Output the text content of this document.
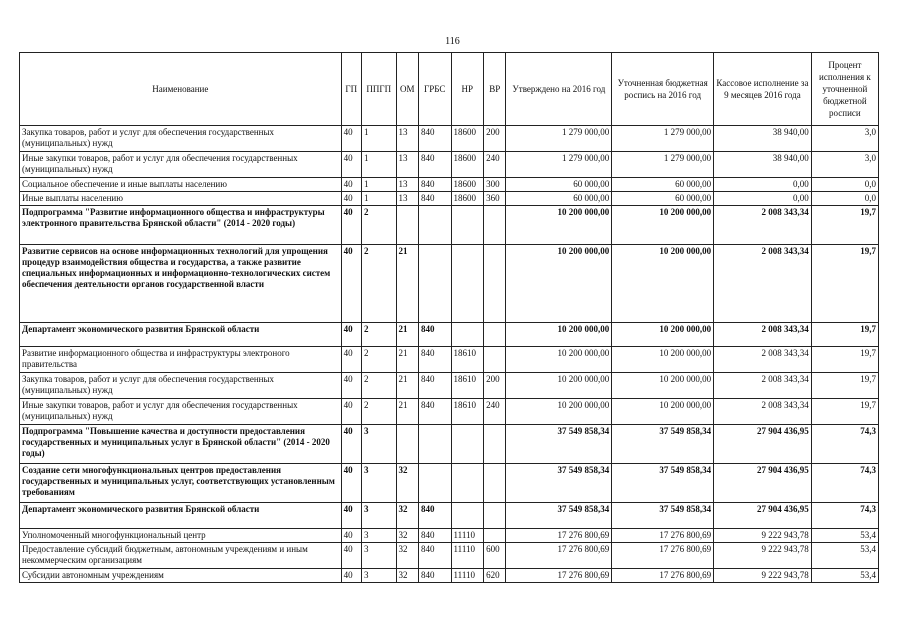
116
Наименование	ГП	ППГП	ОМ	ГРБС	НР	ВР	Утверждено на 2016 год	Уточненная бюджетная роспись на 2016 год	Кассовое исполнение за 9 месяцев 2016 года	Процент исполнения к уточненной бюджетной росписи
Закупка товаров, работ и услуг для обеспечения государственных (муниципальных) нужд	40	1	13	840	18600	200	1 279 000,00	1 279 000,00	38 940,00	3,0
Иные закупки товаров, работ и услуг для обеспечения государственных (муниципальных) нужд	40	1	13	840	18600	240	1 279 000,00	1 279 000,00	38 940,00	3,0
Социальное обеспечение и иные выплаты населению	40	1	13	840	18600	300	60 000,00	60 000,00	0,00	0,0
Иные выплаты населению	40	1	13	840	18600	360	60 000,00	60 000,00	0,00	0,0
Подпрограмма "Развитие информационного общества и инфраструктуры электронного правительства Брянской области" (2014 - 2020 годы)	40	2					10 200 000,00	10 200 000,00	2 008 343,34	19,7
Развитие сервисов на основе информационных технологий для упрощения процедур взаимодействия общества и государства, а также развитие специальных информационных и информационно-технологических систем обеспечения деятельности органов государственной власти	40	2	21				10 200 000,00	10 200 000,00	2 008 343,34	19,7
Департамент экономического развития Брянской области	40	2	21	840			10 200 000,00	10 200 000,00	2 008 343,34	19,7
Развитие информационного общества и инфраструктуры электроного правительства	40	2	21	840	18610		10 200 000,00	10 200 000,00	2 008 343,34	19,7
Закупка товаров, работ и услуг для обеспечения государственных (муниципальных) нужд	40	2	21	840	18610	200	10 200 000,00	10 200 000,00	2 008 343,34	19,7
Иные закупки товаров, работ и услуг для обеспечения государственных (муниципальных) нужд	40	2	21	840	18610	240	10 200 000,00	10 200 000,00	2 008 343,34	19,7
Подпрограмма "Повышение качества и доступности предоставления государственных и муниципальных услуг в Брянской области" (2014 - 2020 годы)	40	3					37 549 858,34	37 549 858,34	27 904 436,95	74,3
Создание сети многофункциональных центров предоставления государственных и муниципальных услуг, соответствующих установленным требованиям	40	3	32				37 549 858,34	37 549 858,34	27 904 436,95	74,3
Департамент экономического развития Брянской области	40	3	32	840			37 549 858,34	37 549 858,34	27 904 436,95	74,3
Уполномоченный многофункциональный центр	40	3	32	840	11110		17 276 800,69	17 276 800,69	9 222 943,78	53,4
Предоставление субсидий бюджетным, автономным учреждениям и иным некоммерческим организациям	40	3	32	840	11110	600	17 276 800,69	17 276 800,69	9 222 943,78	53,4
Субсидии автономным учреждениям	40	3	32	840	11110	620	17 276 800,69	17 276 800,69	9 222 943,78	53,4
